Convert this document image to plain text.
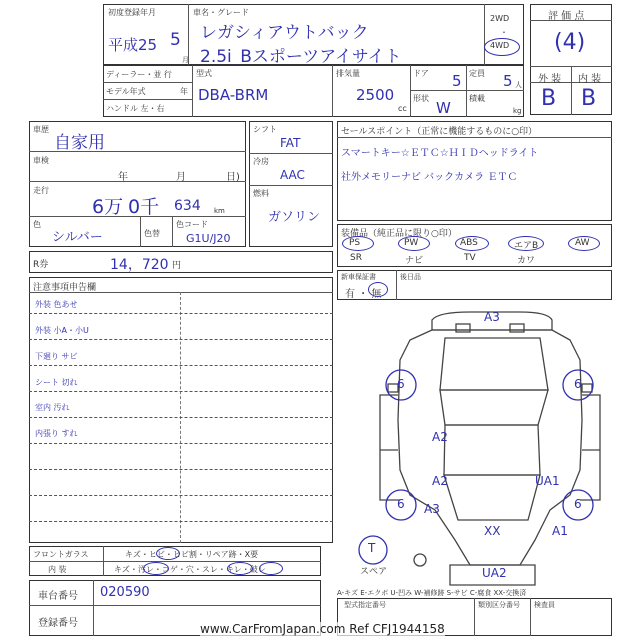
初度登録年月
平成25 5
月
車名・グレード
レガシィアウトバック
2.5i_Bスポーツアイサイト
2WD
・
4WD
評 価 点
(4)
外 装 内 装
B B
ディーラー・並 行
モデル年式	年
ハンドル 左・右
型式
DBA-BRM
排気量
2500
cc
ドア 5 定員 5 人
形状
W
積載
kg
車歴
自家用
車検
年	月	日)
走行
6万 0千 634 km
色
シルバー	色替
色コード
G1U/J20
シフト
FAT
冷房
AAC
燃料
ガソリン
セールスポイント（正常に機能するものに○印）
スマートキー☆ＥＴＣ☆ＨＩＤヘッドライト
社外メモリーナビ バックカメラ ＥＴＣ
装備品（純正品に限り○印）
PS	PW	ABS	エアB	AW
SR	ナビ	TV	カワ
新車保証書	後日品
有 ・ 無
R券	14，720 円
注意事項申告欄
外装 色あせ
外装 小A・小U
下廻り サビ
シート 切れ
室内 汚れ
内張り すれ
フロントガラス	キズ・ヒビ・ヒビ割・リペア跡・X要
内 装	キズ・汚レ・コゲ・穴・スレ・キレ・破レ
車台番号 020590
登録番号
A3
6	6
A2
A2	UA1
6 A3	6
XX	A1
T
UA2
スペア
A-キズ E-エクボ U-凹み W-補修跡 S-サビ C-腐食 XX-交換済
型式指定番号	類別区分番号 検査員
www.CarFromJapan.com Ref CFJ1944158
